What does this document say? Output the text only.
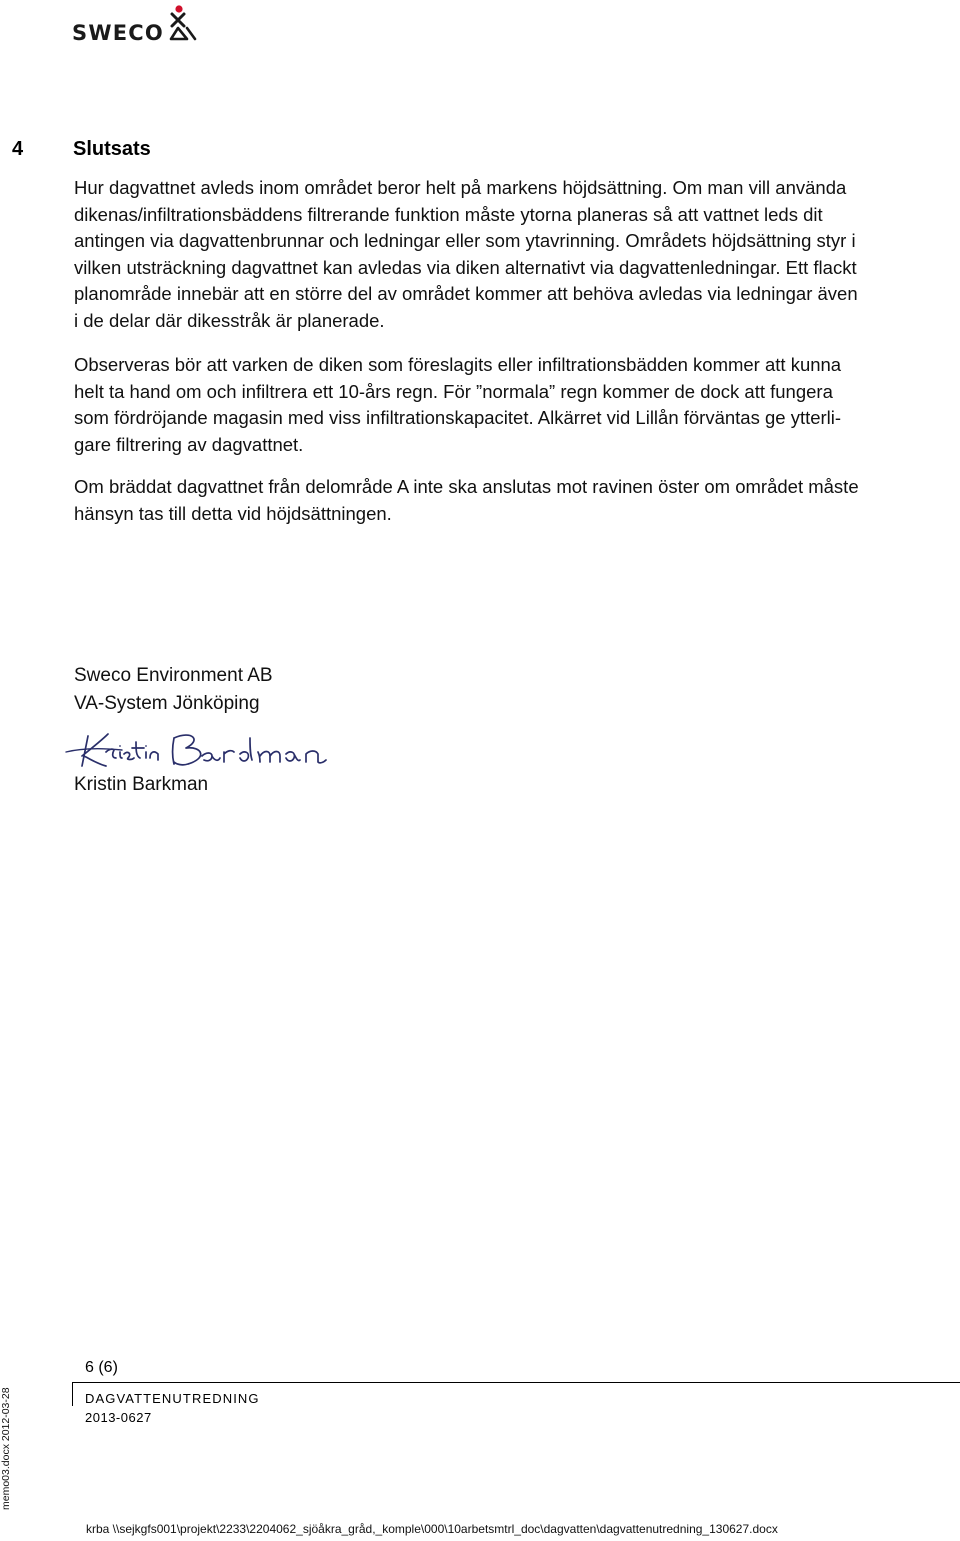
SWECO
4 Slutsats
Hur dagvattnet avleds inom området beror helt på markens höjdsättning. Om man vill använda
dikenas/infiltrationsbäddens filtrerande funktion måste ytorna planeras så att vattnet leds dit
antingen via dagvattenbrunnar och ledningar eller som ytavrinning. Områdets höjdsättning styr i
vilken utsträckning dagvattnet kan avledas via diken alternativt via dagvattenledningar. Ett flackt
planområde innebär att en större del av området kommer att behöva avledas via ledningar även
i de delar där dikesstråk är planerade.
Observeras bör att varken de diken som föreslagits eller infiltrationsbädden kommer att kunna
helt ta hand om och infiltrera ett 10-års regn. För ”normala” regn kommer de dock att fungera
som fördröjande magasin med viss infiltrationskapacitet. Alkärret vid Lillån förväntas ge ytterli-
gare filtrering av dagvattnet.
Om bräddat dagvattnet från delområde A inte ska anslutas mot ravinen öster om området måste
hänsyn tas till detta vid höjdsättningen.
Sweco Environment AB
VA-System Jönköping
Kristin Barkman
6 (6)
DAGVATTENUTREDNING
2013-0627
memo03.docx 2012-03-28
krba \\sejkgfs001\projekt\2233\2204062_sjöåkra_gråd,_komple\000\10arbetsmtrl_doc\dagvatten\dagvattenutredning_130627.docx
